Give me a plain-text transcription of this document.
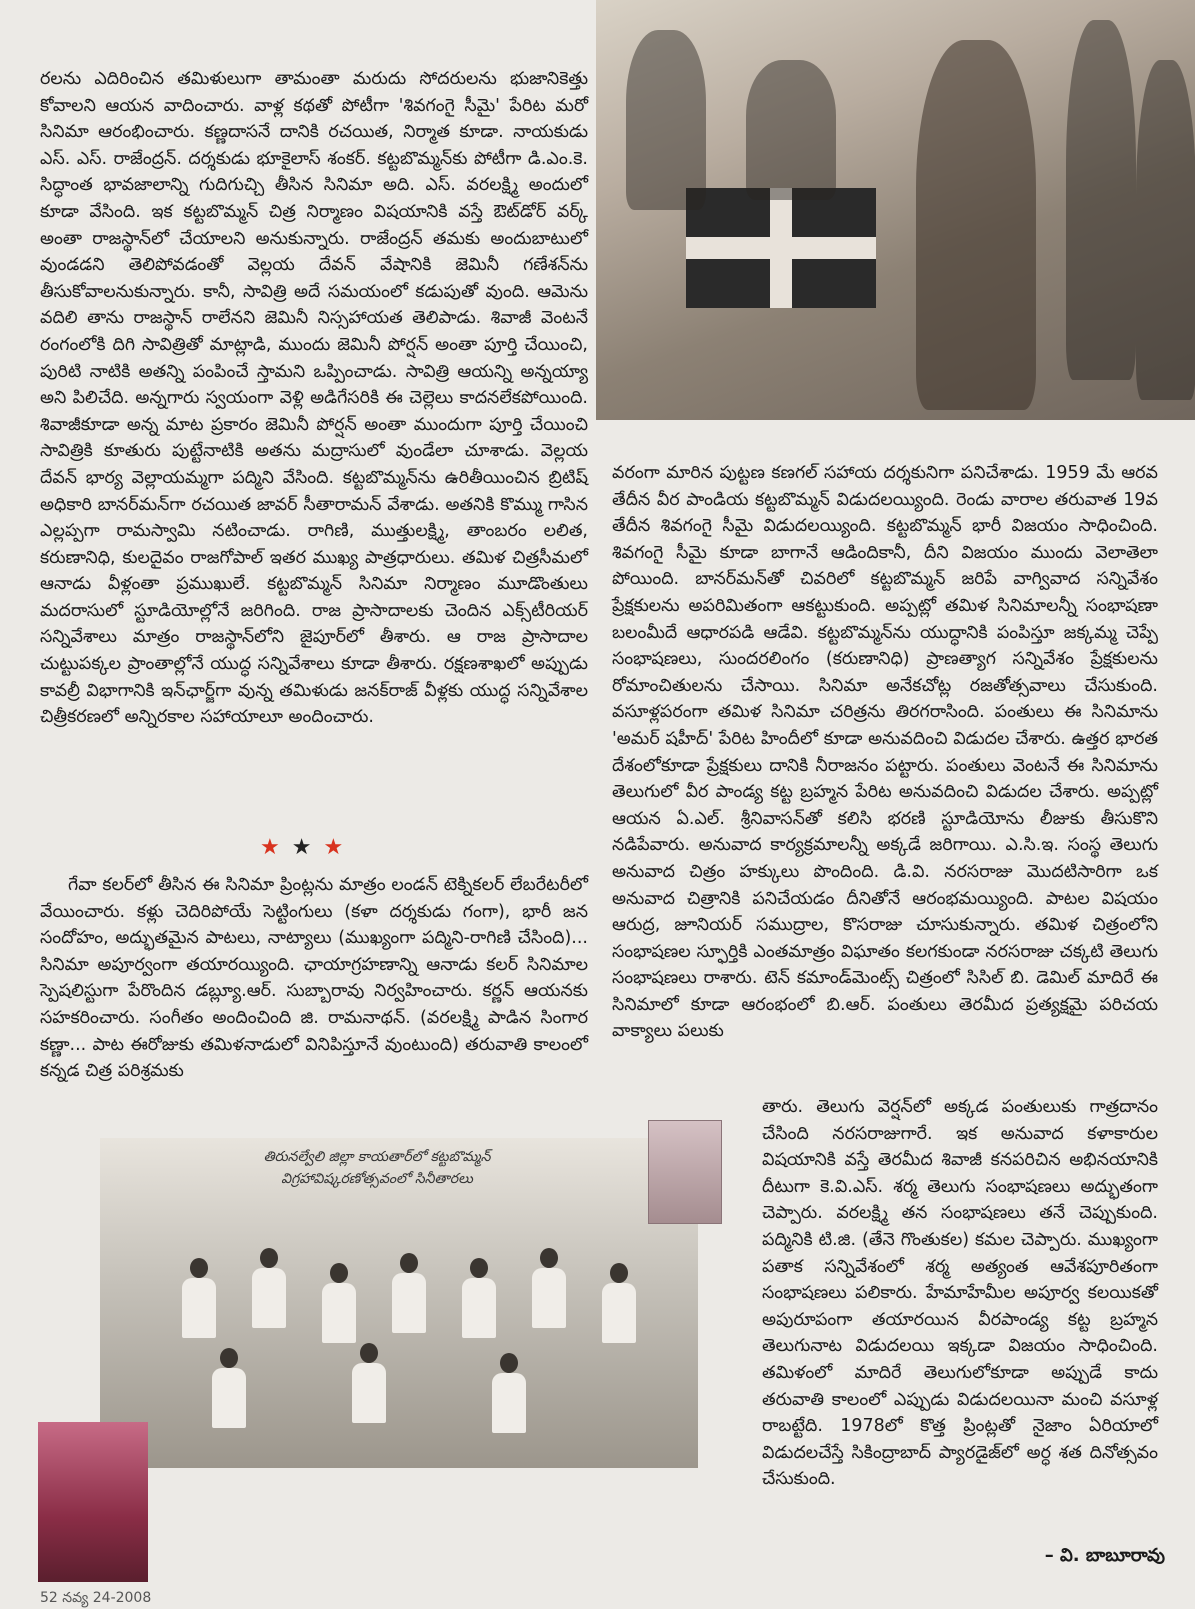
రలను ఎదిరించిన తమిళులుగా తామంతా మరుదు సోదరులను భుజానికెత్తు కోవాలని ఆయన వాదించారు. వాళ్ల కథతో పోటీగా 'శివగంగై సీమై' పేరిట మరో సినిమా ఆరంభించారు. కణ్ణదాసనే దానికి రచయిత, నిర్మాత కూడా. నాయకుడు ఎస్. ఎస్. రాజేంద్రన్. దర్శకుడు భూకైలాస్ శంకర్. కట్టబొమ్మన్‌కు పోటీగా డి.ఎం.కె. సిద్ధాంత భావజాలాన్ని గుదిగుచ్చి తీసిన సినిమా అది. ఎస్. వరలక్ష్మి అందులో కూడా వేసింది. ఇక కట్టబొమ్మన్ చిత్ర నిర్మాణం విషయానికి వస్తే ఔట్‌డోర్ వర్క్ అంతా రాజస్థాన్‌లో చేయాలని అనుకున్నారు. రాజేంద్రన్ తమకు అందుబాటులో వుండడని తెలిపోవడంతో వెల్లయ దేవన్ వేషానికి జెమినీ గణేశన్‌ను తీసుకోవాలనుకున్నారు. కానీ, సావిత్రి అదే సమయంలో కడుపుతో వుంది. ఆమెను వదిలి తాను రాజస్థాన్ రాలేనని జెమినీ నిస్సహాయత తెలిపాడు. శివాజీ వెంటనే రంగంలోకి దిగి సావిత్రితో మాట్లాడి, ముందు జెమినీ పోర్షన్ అంతా పూర్తి చేయించి, పురిటి నాటికి అతన్ని పంపించే స్తామని ఒప్పించాడు. సావిత్రి ఆయన్ని అన్నయ్యా అని పిలిచేది. అన్నగారు స్వయంగా వెళ్లి అడిగేసరికి ఈ చెల్లెలు కాదనలేకపోయింది. శివాజీకూడా అన్న మాట ప్రకారం జెమినీ పోర్షన్ అంతా ముందుగా పూర్తి చేయించి సావిత్రికి కూతురు పుట్టేనాటికి అతను మద్రాసులో వుండేలా చూశాడు. వెల్లయ దేవన్ భార్య వెల్లాయమ్మగా పద్మిని వేసింది. కట్టబొమ్మన్‌ను ఉరితీయించిన బ్రిటిష్ అధికారి బానర్‌మన్‌గా రచయిత జావర్ సీతారామన్ వేశాడు. అతనికి కొమ్ము గాసిన ఎల్లప్పగా రామస్వామి నటించాడు. రాగిణి, ముత్తులక్ష్మి, తాంబరం లలిత, కరుణానిధి, కులదైవం రాజగోపాల్ ఇతర ముఖ్య పాత్రధారులు. తమిళ చిత్రసీమలో ఆనాడు వీళ్లంతా ప్రముఖులే. కట్టబొమ్మన్ సినిమా నిర్మాణం మూడొంతులు మదరాసులో స్టూడియోల్లోనే జరిగింది. రాజ ప్రాసాదాలకు చెందిన ఎక్స్‌టీరియర్ సన్నివేశాలు మాత్రం రాజస్థాన్‌లోని జైపూర్‌లో తీశారు. ఆ రాజ ప్రాసాదాల చుట్టుపక్కల ప్రాంతాల్లోనే యుద్ధ సన్నివేశాలు కూడా తీశారు. రక్షణశాఖలో అప్పుడు కావల్రీ విభాగానికి ఇన్‌ఛార్జ్‌గా వున్న తమిళుడు జనక్‌రాజ్ వీళ్లకు యుద్ధ సన్నివేశాల చిత్రీకరణలో అన్నిరకాల సహాయాలూ అందించారు.

★★★

గేవా కలర్‌లో తీసిన ఈ సినిమా ప్రింట్లను మాత్రం లండన్ టెక్నికలర్ లేబరేటరీలో వేయించారు. కళ్లు చెదిరిపోయే సెట్టింగులు (కళా దర్శకుడు గంగా), భారీ జన సందోహం, అద్భుతమైన పాటలు, నాట్యాలు (ముఖ్యంగా పద్మిని-రాగిణి చేసింది)... సినిమా అపూర్వంగా తయారయ్యింది. ఛాయాగ్రహణాన్ని ఆనాడు కలర్ సినిమాల స్పెషలిస్టుగా పేరొందిన డబ్ల్యూ.ఆర్. సుబ్బారావు నిర్వహించారు. కర్ణన్ ఆయనకు సహకరించారు. సంగీతం అందించింది జి. రామనాథన్. (వరలక్ష్మి పాడిన సింగార కణ్ణా... పాట ఈరోజుకు తమిళనాడులో వినిపిస్తూనే వుంటుంది) తరువాతి కాలంలో కన్నడ చిత్ర పరిశ్రమకు

వరంగా మారిన పుట్టణ కణగల్ సహాయ దర్శకునిగా పనిచేశాడు. 1959 మే ఆరవ తేదీన వీర పాండియ కట్టబొమ్మన్ విడుదలయ్యింది. రెండు వారాల తరువాత 19వ తేదీన శివగంగై సీమై విడుదలయ్యింది. కట్టబొమ్మన్ భారీ విజయం సాధించింది. శివగంగై సీమై కూడా బాగానే ఆడిందికానీ, దీని విజయం ముందు వెలాతెలా పోయింది. బానర్‌మన్‌తో చివరిలో కట్టబొమ్మన్ జరిపే వాగ్వివాద సన్నివేశం ప్రేక్షకులను అపరిమితంగా ఆకట్టుకుంది. అప్పట్లో తమిళ సినిమాలన్నీ సంభాషణా బలంమీదే ఆధారపడి ఆడేవి. కట్టబొమ్మన్‌ను యుద్ధానికి పంపిస్తూ జక్కమ్మ చెప్పే సంభాషణలు, సుందరలింగం (కరుణానిధి) ప్రాణత్యాగ సన్నివేశం ప్రేక్షకులను రోమాంచితులను చేసాయి. సినిమా అనేకచోట్ల రజతోత్సవాలు చేసుకుంది. వసూళ్లపరంగా తమిళ సినిమా చరిత్రను తిరగరాసింది. పంతులు ఈ సినిమాను 'అమర్ షహీద్' పేరిట హిందీలో కూడా అనువదించి విడుదల చేశారు. ఉత్తర భారత దేశంలోకూడా ప్రేక్షకులు దానికి నీరాజనం పట్టారు. పంతులు వెంటనే ఈ సినిమాను తెలుగులో వీర పాండ్య కట్ట బ్రహ్మన పేరిట అనువదించి విడుదల చేశారు. అప్పట్లో ఆయన ఏ.ఎల్. శ్రీనివాసన్‌తో కలిసి భరణి స్టూడియోను లీజుకు తీసుకొని నడిపేవారు. అనువాద కార్యక్రమాలన్నీ అక్కడే జరిగాయి. ఎ.సి.ఇ. సంస్థ తెలుగు అనువాద చిత్రం హక్కులు పొందింది. డి.వి. నరసరాజు మొదటిసారిగా ఒక అనువాద చిత్రానికి పనిచేయడం దీనితోనే ఆరంభమయ్యింది. పాటల విషయం ఆరుద్ర, జూనియర్ సముద్రాల, కొసరాజు చూసుకున్నారు. తమిళ చిత్రంలోని సంభాషణల స్ఫూర్తికి ఎంతమాత్రం విఘాతం కలగకుండా నరసరాజు చక్కటి తెలుగు సంభాషణలు రాశారు. టెన్ కమాండ్‌మెంట్స్ చిత్రంలో సిసిల్ బి. డెమిల్ మాదిరే ఈ సినిమాలో కూడా ఆరంభంలో బి.ఆర్. పంతులు తెరమీద ప్రత్యక్షమై పరిచయ వాక్యాలు పలుకు

తారు. తెలుగు వెర్షన్‌లో అక్కడ పంతులుకు గాత్రదానం చేసింది నరసరాజుగారే. ఇక అనువాద కళాకారుల విషయానికి వస్తే తెరమీద శివాజీ కనపరిచిన అభినయానికి దీటుగా కె.వి.ఎస్. శర్మ తెలుగు సంభాషణలు అద్భుతంగా చెప్పారు. వరలక్ష్మి తన సంభాషణలు తనే చెప్పుకుంది. పద్మినికి టి.జి. (తేనె గొంతుకల) కమల చెప్పారు. ముఖ్యంగా పతాక సన్నివేశంలో శర్మ అత్యంత ఆవేశపూరితంగా సంభాషణలు పలికారు. హేమాహేమీల అపూర్వ కలయికతో అపురూపంగా తయారయిన వీరపాండ్య కట్ట బ్రహ్మన తెలుగునాట విడుదలయి ఇక్కడా విజయం సాధించింది. తమిళంలో మాదిరే తెలుగులోకూడా అప్పుడే కాదు తరువాతి కాలంలో ఎప్పుడు విడుదలయినా మంచి వసూళ్ల రాబట్టేది. 1978లో కొత్త ప్రింట్లతో నైజాం ఏరియాలో విడుదలచేస్తే సికింద్రాబాద్ ప్యారడైజ్‌లో అర్ధ శత దినోత్సవం చేసుకుంది.

తిరునల్వేలి జిల్లా కాయతార్‌లో కట్టబొమ్మన్
విగ్రహావిష్కరణోత్సవంలో సినీతారలు
– వి. బాబూరావు
52 నవ్య 24-2008
